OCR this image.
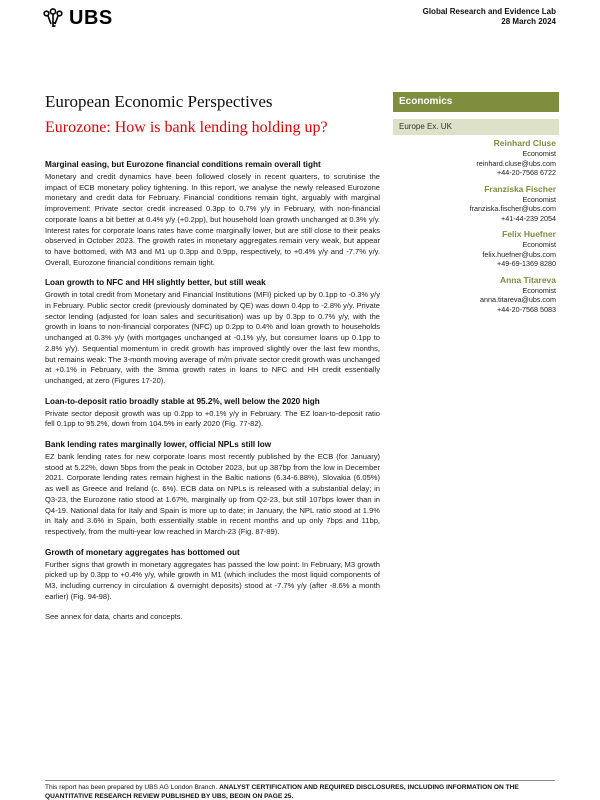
UBS	Global Research and Evidence Lab
28 March 2024
European Economic Perspectives
Eurozone: How is bank lending holding up?
Economics
Europe Ex. UK
Reinhard Cluse
Economist
reinhard.cluse@ubs.com
+44-20-7568 6722
Franziska Fischer
Economist
franziska.fischer@ubs.com
+41-44-239 2054
Felix Huefner
Economist
felix.huefner@ubs.com
+49-69-1369 8280
Anna Titareva
Economist
anna.titareva@ubs.com
+44-20-7568 5083
Marginal easing, but Eurozone financial conditions remain overall tight
Monetary and credit dynamics have been followed closely in recent quarters, to scrutinise the impact of ECB monetary policy tightening. In this report, we analyse the newly released Eurozone monetary and credit data for February. Financial conditions remain tight, arguably with marginal improvement: Private sector credit increased 0.3pp to 0.7% y/y in February, with non-financial corporate loans a bit better at 0.4% y/y (+0.2pp), but household loan growth unchanged at 0.3% y/y. Interest rates for corporate loans rates have come marginally lower, but are still close to their peaks observed in October 2023. The growth rates in monetary aggregates remain very weak, but appear to have bottomed, with M3 and M1 up 0.3pp and 0.9pp, respectively, to +0.4% y/y and -7.7% y/y. Overall, Eurozone financial conditions remain tight.
Loan growth to NFC and HH slightly better, but still weak
Growth in total credit from Monetary and Financial Institutions (MFI) picked up by 0.1pp to -0.3% y/y in February. Public sector credit (previously dominated by QE) was down 0.4pp to -2.8% y/y. Private sector lending (adjusted for loan sales and securitisation) was up by 0.3pp to 0.7% y/y, with the growth in loans to non-financial corporates (NFC) up 0.2pp to 0.4% and loan growth to households unchanged at 0.3% y/y (with mortgages unchanged at -0.1% y/y, but consumer loans up 0.1pp to 2.8% y/y). Sequential momentum in credit growth has improved slightly over the last few months, but remains weak: The 3-month moving average of m/m private sector credit growth was unchanged at +0.1% in February, with the 3mma growth rates in loans to NFC and HH credit essentially unchanged, at zero (Figures 17-20).
Loan-to-deposit ratio broadly stable at 95.2%, well below the 2020 high
Private sector deposit growth was up 0.2pp to +0.1% y/y in February. The EZ loan-to-deposit ratio fell 0.1pp to 95.2%, down from 104.5% in early 2020 (Fig. 77-82).
Bank lending rates marginally lower, official NPLs still low
EZ bank lending rates for new corporate loans most recently published by the ECB (for January) stood at 5.22%, down 5bps from the peak in October 2023, but up 387bp from the low in December 2021. Corporate lending rates remain highest in the Baltic nations (6.34-6.88%), Slovakia (6.05%) as well as Greece and Ireland (c. 6%). ECB data on NPLs is released with a substantial delay; in Q3-23, the Eurozone ratio stood at 1.67%, marginally up from Q2-23, but still 107bps lower than in Q4-19. National data for Italy and Spain is more up to date; in January, the NPL ratio stood at 1.9% in Italy and 3.6% in Spain, both essentially stable in recent months and up only 7bps and 11bp, respectively, from the multi-year low reached in March-23 (Fig. 87-89).
Growth of monetary aggregates has bottomed out
Further signs that growth in monetary aggregates has passed the low point: In February, M3 growth picked up by 0.3pp to +0.4% y/y, while growth in M1 (which includes the most liquid components of M3, including currency in circulation & overnight deposits) stood at -7.7% y/y (after -8.6% a month earlier) (Fig. 94-98).
See annex for data, charts and concepts.
This report has been prepared by UBS AG London Branch. ANALYST CERTIFICATION AND REQUIRED DISCLOSURES, INCLUDING INFORMATION ON THE QUANTITATIVE RESEARCH REVIEW PUBLISHED BY UBS, BEGIN ON PAGE 25.
